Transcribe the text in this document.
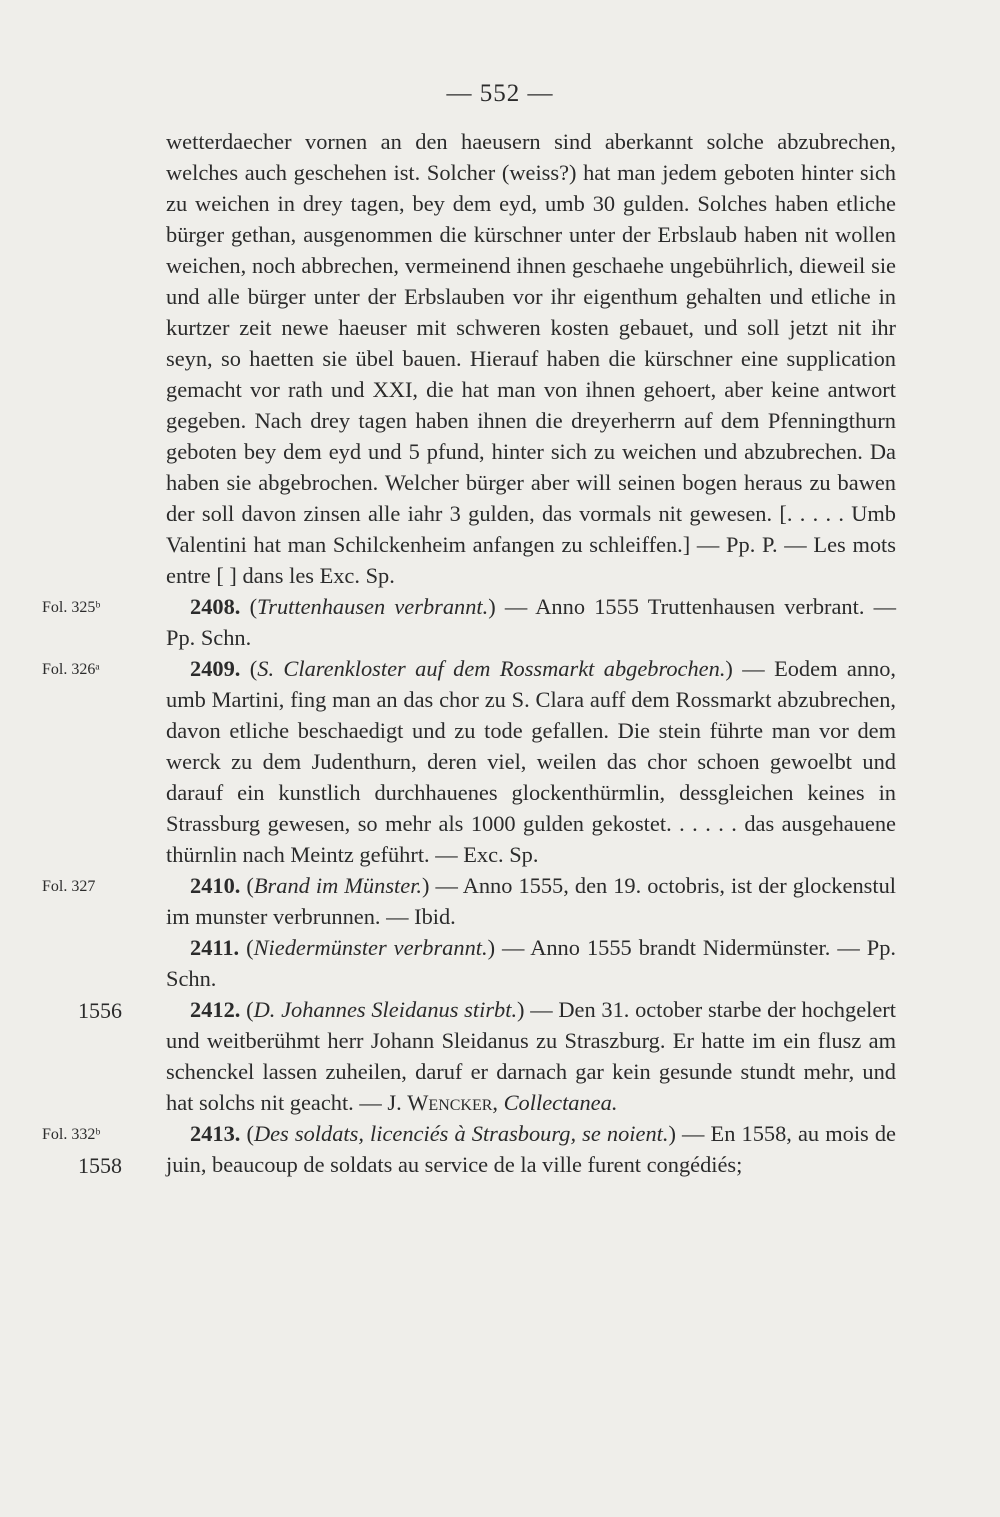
— 552 —

wetterdaecher vornen an den haeusern sind aberkannt solche abzubrechen, welches auch geschehen ist. Solcher (weiss?) hat man jedem geboten hinter sich zu weichen in drey tagen, bey dem eyd, umb 30 gulden. Solches haben etliche bürger gethan, ausgenommen die kürschner unter der Erbslaub haben nit wollen weichen, noch abbrechen, vermeinend ihnen geschaehe ungebührlich, dieweil sie und alle bürger unter der Erbslauben vor ihr eigenthum gehalten und etliche in kurtzer zeit newe haeuser mit schweren kosten gebauet, und soll jetzt nit ihr seyn, so haetten sie übel bauen. Hierauf haben die kürschner eine supplication gemacht vor rath und XXI, die hat man von ihnen gehoert, aber keine antwort gegeben. Nach drey tagen haben ihnen die dreyerherrn auf dem Pfenningthurn geboten bey dem eyd und 5 pfund, hinter sich zu weichen und abzubrechen. Da haben sie abgebrochen. Welcher bürger aber will seinen bogen heraus zu bawen der soll davon zinsen alle iahr 3 gulden, das vormals nit gewesen. [. . . . . Umb Valentini hat man Schilckenheim anfangen zu schleiffen.] — Pp. P. — Les mots entre [ ] dans les Exc. Sp.

Fol. 325ᵇ	2408. (Truttenhausen verbrannt.) — Anno 1555 Truttenhausen verbrant. — Pp. Schn.

Fol. 326ᵃ	2409. (S. Clarenkloster auf dem Rossmarkt abgebrochen.) — Eodem anno, umb Martini, fing man an das chor zu S. Clara auff dem Rossmarkt abzubrechen, davon etliche beschaedigt und zu tode gefallen. Die stein führte man vor dem werck zu dem Judenthurn, deren viel, weilen das chor schoen gewoelbt und darauf ein kunstlich durchhauenes glockenthürmlin, dessgleichen keines in Strassburg gewesen, so mehr als 1000 gulden gekostet. . . . . . das ausgehauene thürnlin nach Meintz geführt. — Exc. Sp.

Fol. 327	2410. (Brand im Münster.) — Anno 1555, den 19. octobris, ist der glockenstul im munster verbrunnen. — Ibid.

2411. (Niedermünster verbrannt.) — Anno 1555 brandt Nidermünster. — Pp. Schn.

1556	2412. (D. Johannes Sleidanus stirbt.) — Den 31. october starbe der hochgelert und weitberühmt herr Johann Sleidanus zu Straszburg. Er hatte im ein flusz am schenckel lassen zuheilen, daruf er darnach gar kein gesunde stundt mehr, und hat solchs nit geacht. — J. Wencker, Collectanea.

Fol. 332ᵇ
1558
2413. (Des soldats, licenciés à Strasbourg, se noient.) — En 1558, au mois de juin, beaucoup de soldats au service de la ville furent congédiés;
